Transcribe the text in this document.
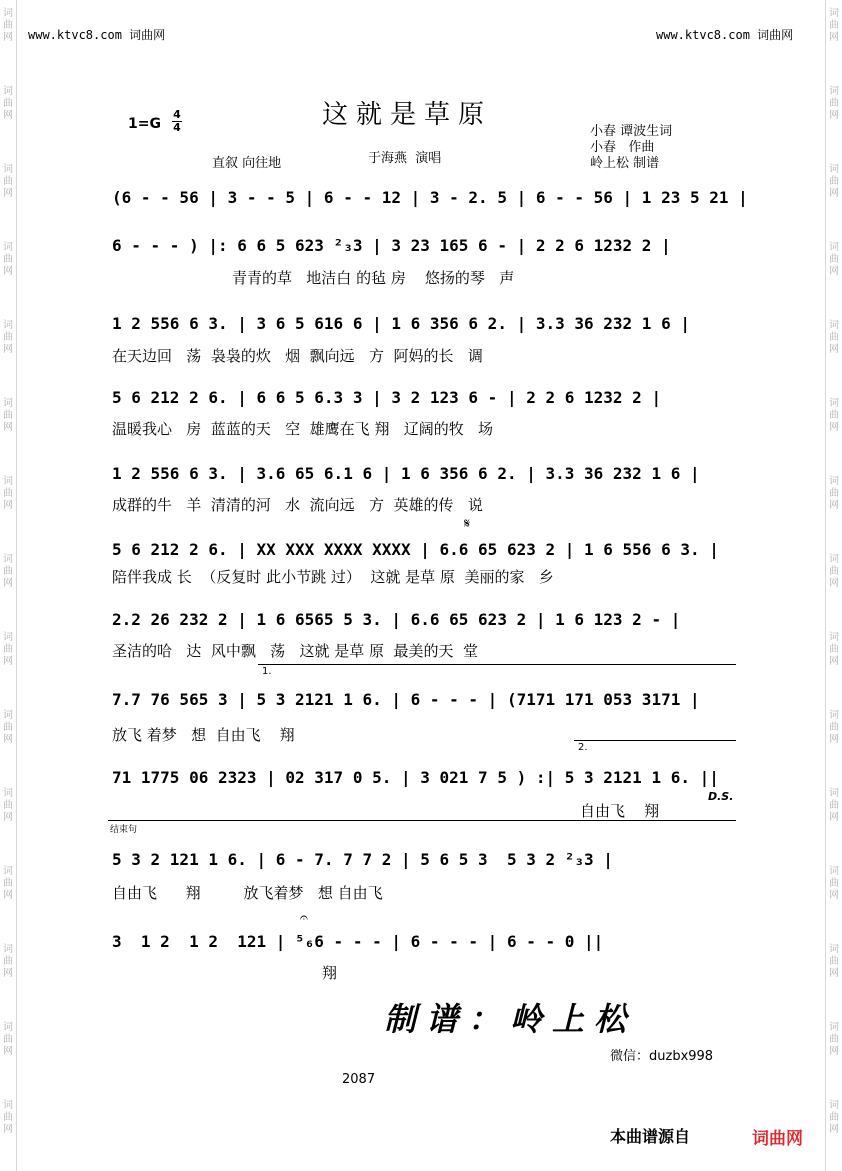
词曲网
词曲网
词曲网
词曲网
词曲网
词曲网
词曲网
词曲网
词曲网
词曲网
词曲网
词曲网
词曲网
词曲网
词曲网
词曲网
词曲网
词曲网
词曲网
词曲网
词曲网
词曲网
词曲网
词曲网
词曲网
词曲网
词曲网
词曲网
词曲网
词曲网
www.ktvc8.com 词曲网	www.ktvc8.com 词曲网
1=G
4
4	这就是草原
直叙 向往地	于海燕  演唱
小春 谭波生词
小春   作曲
岭上松 制谱
(6 - - 56 | 3 - - 5 | 6 - - 12 | 3 - 2. 5 | 6 - - 56 | 1 23 5 21 |
6 - - - ) |: 6 6 5 623 ²₃3 | 3 23 165 6 - | 2 2 6 1232 2 |
青青的草   地洁白 的毡 房    悠扬的琴   声
1 2 556 6 3. | 3 6 5 616 6 | 1 6 356 6 2. | 3.3 36 232 1 6 |
在天边回   荡  袅袅的炊   烟  飘向远   方  阿妈的长   调
5 6 212 2 6. | 6 6 5 6.3 3 | 3 2 123 6 - | 2 2 6 1232 2 |
温暖我心   房  蓝蓝的天   空  雄鹰在飞 翔   辽阔的牧   场
1 2 556 6 3. | 3.6 65 6.1 6 | 1 6 356 6 2. | 3.3 36 232 1 6 |
成群的牛   羊  清清的河   水  流向远   方  英雄的传   说
𝄋
5 6 212 2 6. | XX XXX XXXX XXXX | 6.6 65 623 2 | 1 6 556 6 3. |
陪伴我成 长  （反复时 此小节跳 过）  这就 是草 原  美丽的家   乡
2.2 26 232 2 | 1 6 6565 5 3. | 6.6 65 623 2 | 1 6 123 2 - |
圣洁的哈   达  风中飘   荡   这就 是草 原  最美的天  堂
1.
7.7 76 565 3 | 5 3 2121 1 6. | 6 - - - | (7171 171 053 3171 |
放飞 着梦   想  自由飞    翔
2.
71 1775 06 2323 | 02 317 0 5. | 3 021 7 5 ) :| 5 3 2121 1 6. ||
自由飞    翔
D.S.
结束句
5 3 2 121 1 6. | 6 - 7. 7 7 2 | 5 6 5 3  5 3 2 ²₃3 |
自由飞      翔         放飞着梦   想 自由飞
3  1 2  1 2  121 | ⁵₆6 - - - | 6 - - - | 6 - - 0 ||
翔
𝄐
制谱：岭上松
微信：duzbx998
2087
本曲谱源自	词曲网
